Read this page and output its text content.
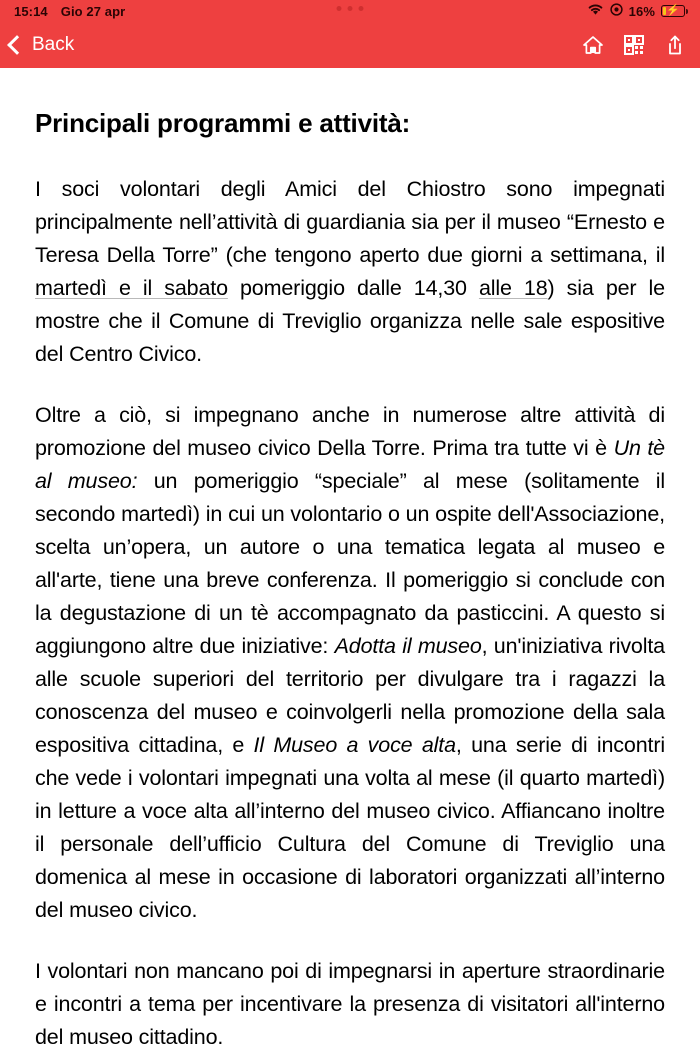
15:14 Gio 27 apr	16% ⚡
Back
Principali programmi e attività:

I soci volontari degli Amici del Chiostro sono impegnati principalmente nell’attività di guardiania sia per il museo “Ernesto e Teresa Della Torre” (che tengono aperto due giorni a settimana, il martedì e il sabato pomeriggio dalle 14,30 alle 18) sia per le mostre che il Comune di Treviglio organizza nelle sale espositive del Centro Civico.

Oltre a ciò, si impegnano anche in numerose altre attività di promozione del museo civico Della Torre. Prima tra tutte vi è Un tè al museo: un pomeriggio “speciale” al mese (solitamente il secondo martedì) in cui un volontario o un ospite dell'Associazione, scelta un’opera, un autore o una tematica legata al museo e all'arte, tiene una breve conferenza. Il pomeriggio si conclude con la degustazione di un tè accompagnato da pasticcini. A questo si aggiungono altre due iniziative: Adotta il museo, un'iniziativa rivolta alle scuole superiori del territorio per divulgare tra i ragazzi la conoscenza del museo e coinvolgerli nella promozione della sala espositiva cittadina, e Il Museo a voce alta, una serie di incontri che vede i volontari impegnati una volta al mese (il quarto martedì) in letture a voce alta all’interno del museo civico. Affiancano inoltre il personale dell’ufficio Cultura del Comune di Treviglio una domenica al mese in occasione di laboratori organizzati all’interno del museo civico.

I volontari non mancano poi di impegnarsi in aperture straordinarie e incontri a tema per incentivare la presenza di visitatori all'interno del museo cittadino.
